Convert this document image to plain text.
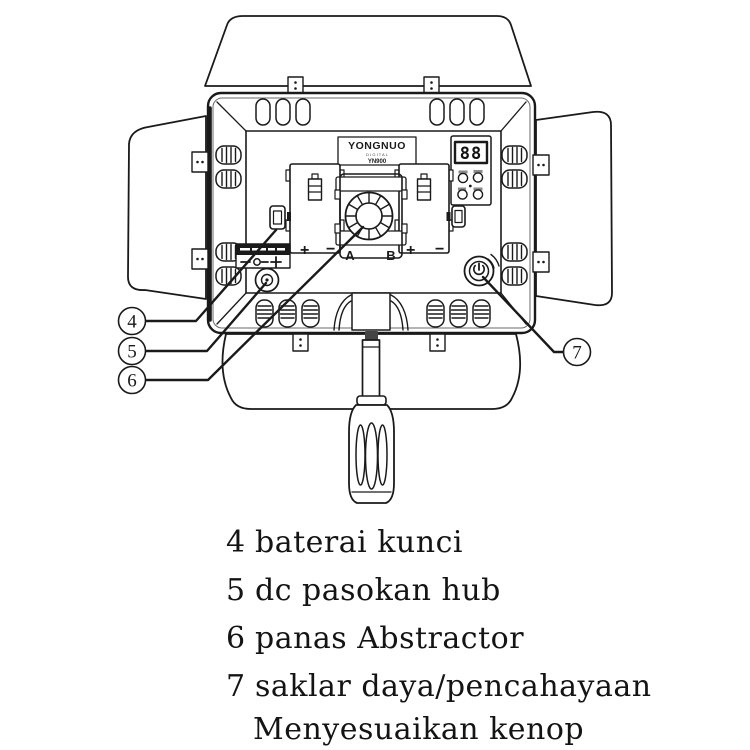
YONGNUO
D I G I T A L
YN900	88
+ −	+ −
A B
4
5
6
7
4 baterai kunci
5 dc pasokan hub
6 panas Abstractor
7 saklar daya/pencahayaan
Menyesuaikan kenop
